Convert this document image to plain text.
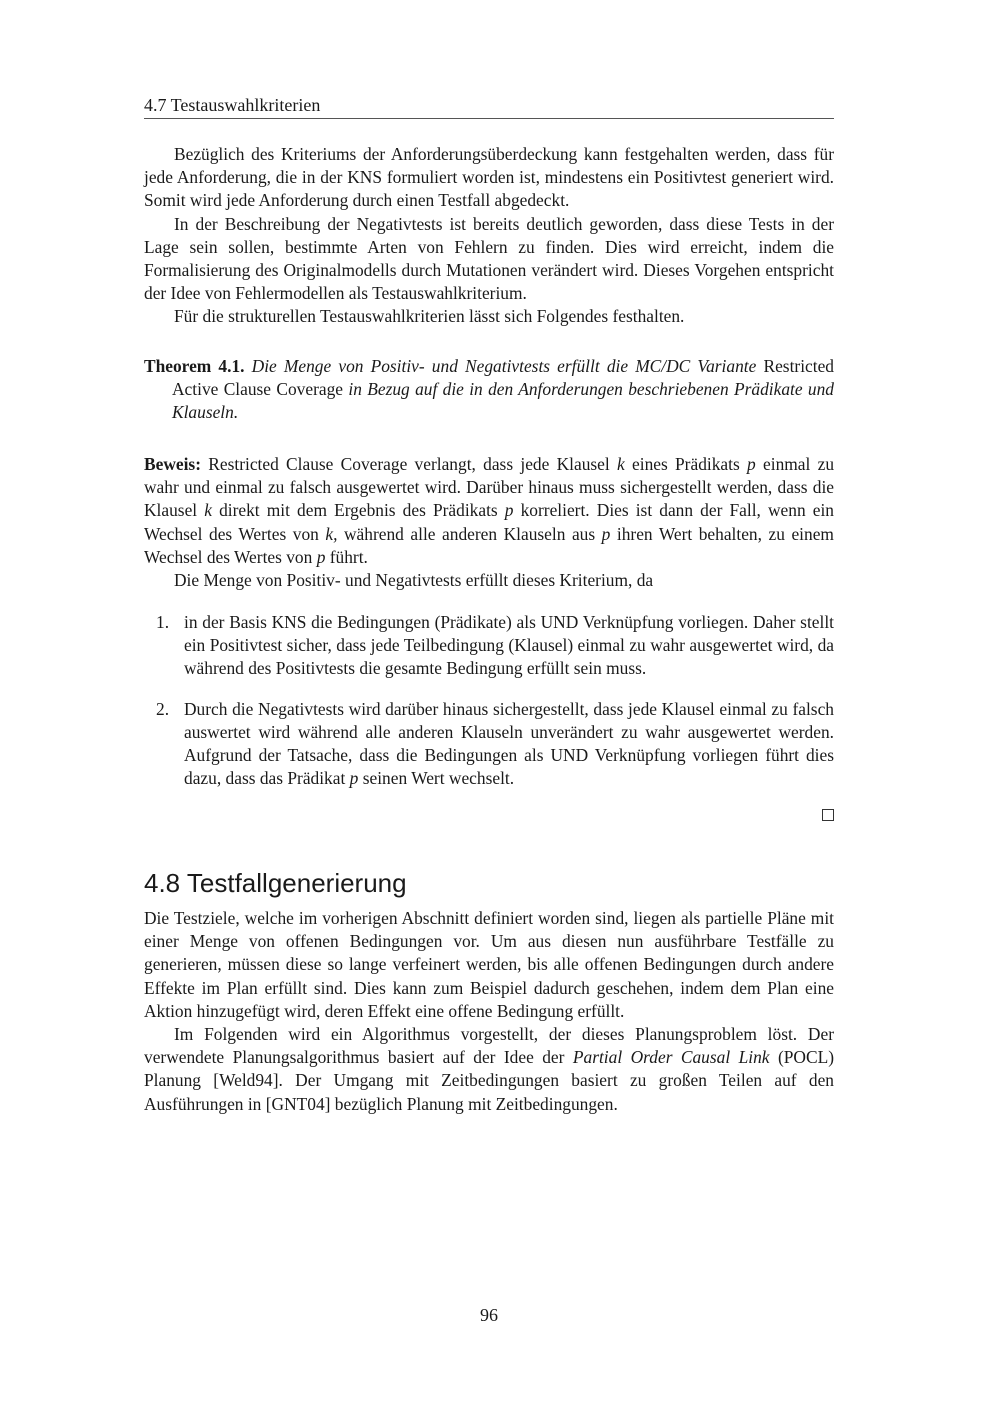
4.7 Testauswahlkriterien

Bezüglich des Kriteriums der Anforderungsüberdeckung kann festgehalten werden, dass für jede Anforderung, die in der KNS formuliert worden ist, mindestens ein Positivtest generiert wird. Somit wird jede Anforderung durch einen Testfall abgedeckt.

In der Beschreibung der Negativtests ist bereits deutlich geworden, dass diese Tests in der Lage sein sollen, bestimmte Arten von Fehlern zu finden. Dies wird erreicht, indem die Formalisierung des Originalmodells durch Mutationen verändert wird. Dieses Vorgehen entspricht der Idee von Fehlermodellen als Testauswahlkriterium.

Für die strukturellen Testauswahlkriterien lässt sich Folgendes festhalten.

Theorem 4.1. Die Menge von Positiv- und Negativtests erfüllt die MC/DC Variante Restricted Active Clause Coverage in Bezug auf die in den Anforderungen beschriebenen Prädikate und Klauseln.

Beweis: Restricted Clause Coverage verlangt, dass jede Klausel k eines Prädikats p einmal zu wahr und einmal zu falsch ausgewertet wird. Darüber hinaus muss sichergestellt werden, dass die Klausel k direkt mit dem Ergebnis des Prädikats p korreliert. Dies ist dann der Fall, wenn ein Wechsel des Wertes von k, während alle anderen Klauseln aus p ihren Wert behalten, zu einem Wechsel des Wertes von p führt.

Die Menge von Positiv- und Negativtests erfüllt dieses Kriterium, da

1. in der Basis KNS die Bedingungen (Prädikate) als UND Verknüpfung vorliegen. Daher stellt ein Positivtest sicher, dass jede Teilbedingung (Klausel) einmal zu wahr ausgewertet wird, da während des Positivtests die gesamte Bedingung erfüllt sein muss.
2. Durch die Negativtests wird darüber hinaus sichergestellt, dass jede Klausel einmal zu falsch auswertet wird während alle anderen Klauseln unverändert zu wahr ausgewertet werden. Aufgrund der Tatsache, dass die Bedingungen als UND Verknüpfung vorliegen führt dies dazu, dass das Prädikat p seinen Wert wechselt.
4.8 Testfallgenerierung

Die Testziele, welche im vorherigen Abschnitt definiert worden sind, liegen als partielle Pläne mit einer Menge von offenen Bedingungen vor. Um aus diesen nun ausführbare Testfälle zu generieren, müssen diese so lange verfeinert werden, bis alle offenen Bedingungen durch andere Effekte im Plan erfüllt sind. Dies kann zum Beispiel dadurch geschehen, indem dem Plan eine Aktion hinzugefügt wird, deren Effekt eine offene Bedingung erfüllt.

Im Folgenden wird ein Algorithmus vorgestellt, der dieses Planungsproblem löst. Der verwendete Planungsalgorithmus basiert auf der Idee der Partial Order Causal Link (POCL) Planung [Weld94]. Der Umgang mit Zeitbedingungen basiert zu großen Teilen auf den Ausführungen in [GNT04] bezüglich Planung mit Zeitbedingungen.

96
